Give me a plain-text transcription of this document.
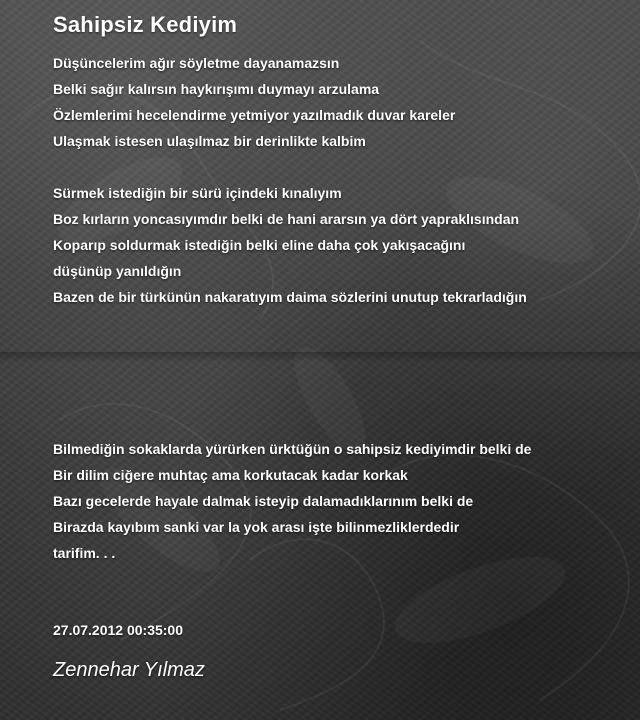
Sahipsiz Kediyim
Düşüncelerim ağır söyletme dayanamazsın
Belki sağır kalırsın haykırışımı duymayı arzulama
Özlemlerimi hecelendirme yetmiyor yazılmadık duvar kareler
Ulaşmak istesen ulaşılmaz bir derinlikte kalbim
Sürmek istediğin bir sürü içindeki kınalıyım
Boz kırların yoncasıyımdır belki de hani ararsın ya dört yapraklısından
Koparıp soldurmak istediğin belki eline daha çok yakışacağını
düşünüp yanıldığın
Bazen de bir türkünün nakaratıyım daima sözlerini unutup tekrarladığın
Bilmediğin sokaklarda yürürken ürktüğün o sahipsiz kediyimdir belki de
Bir dilim ciğere muhtaç ama korkutacak kadar korkak
Bazı gecelerde hayale dalmak isteyip dalamadıklarınım belki de
Birazda kayıbım sanki var la yok arası işte bilinmezliklerdedir
tarifim. . .
27.07.2012 00:35:00
Zennehar Yılmaz
